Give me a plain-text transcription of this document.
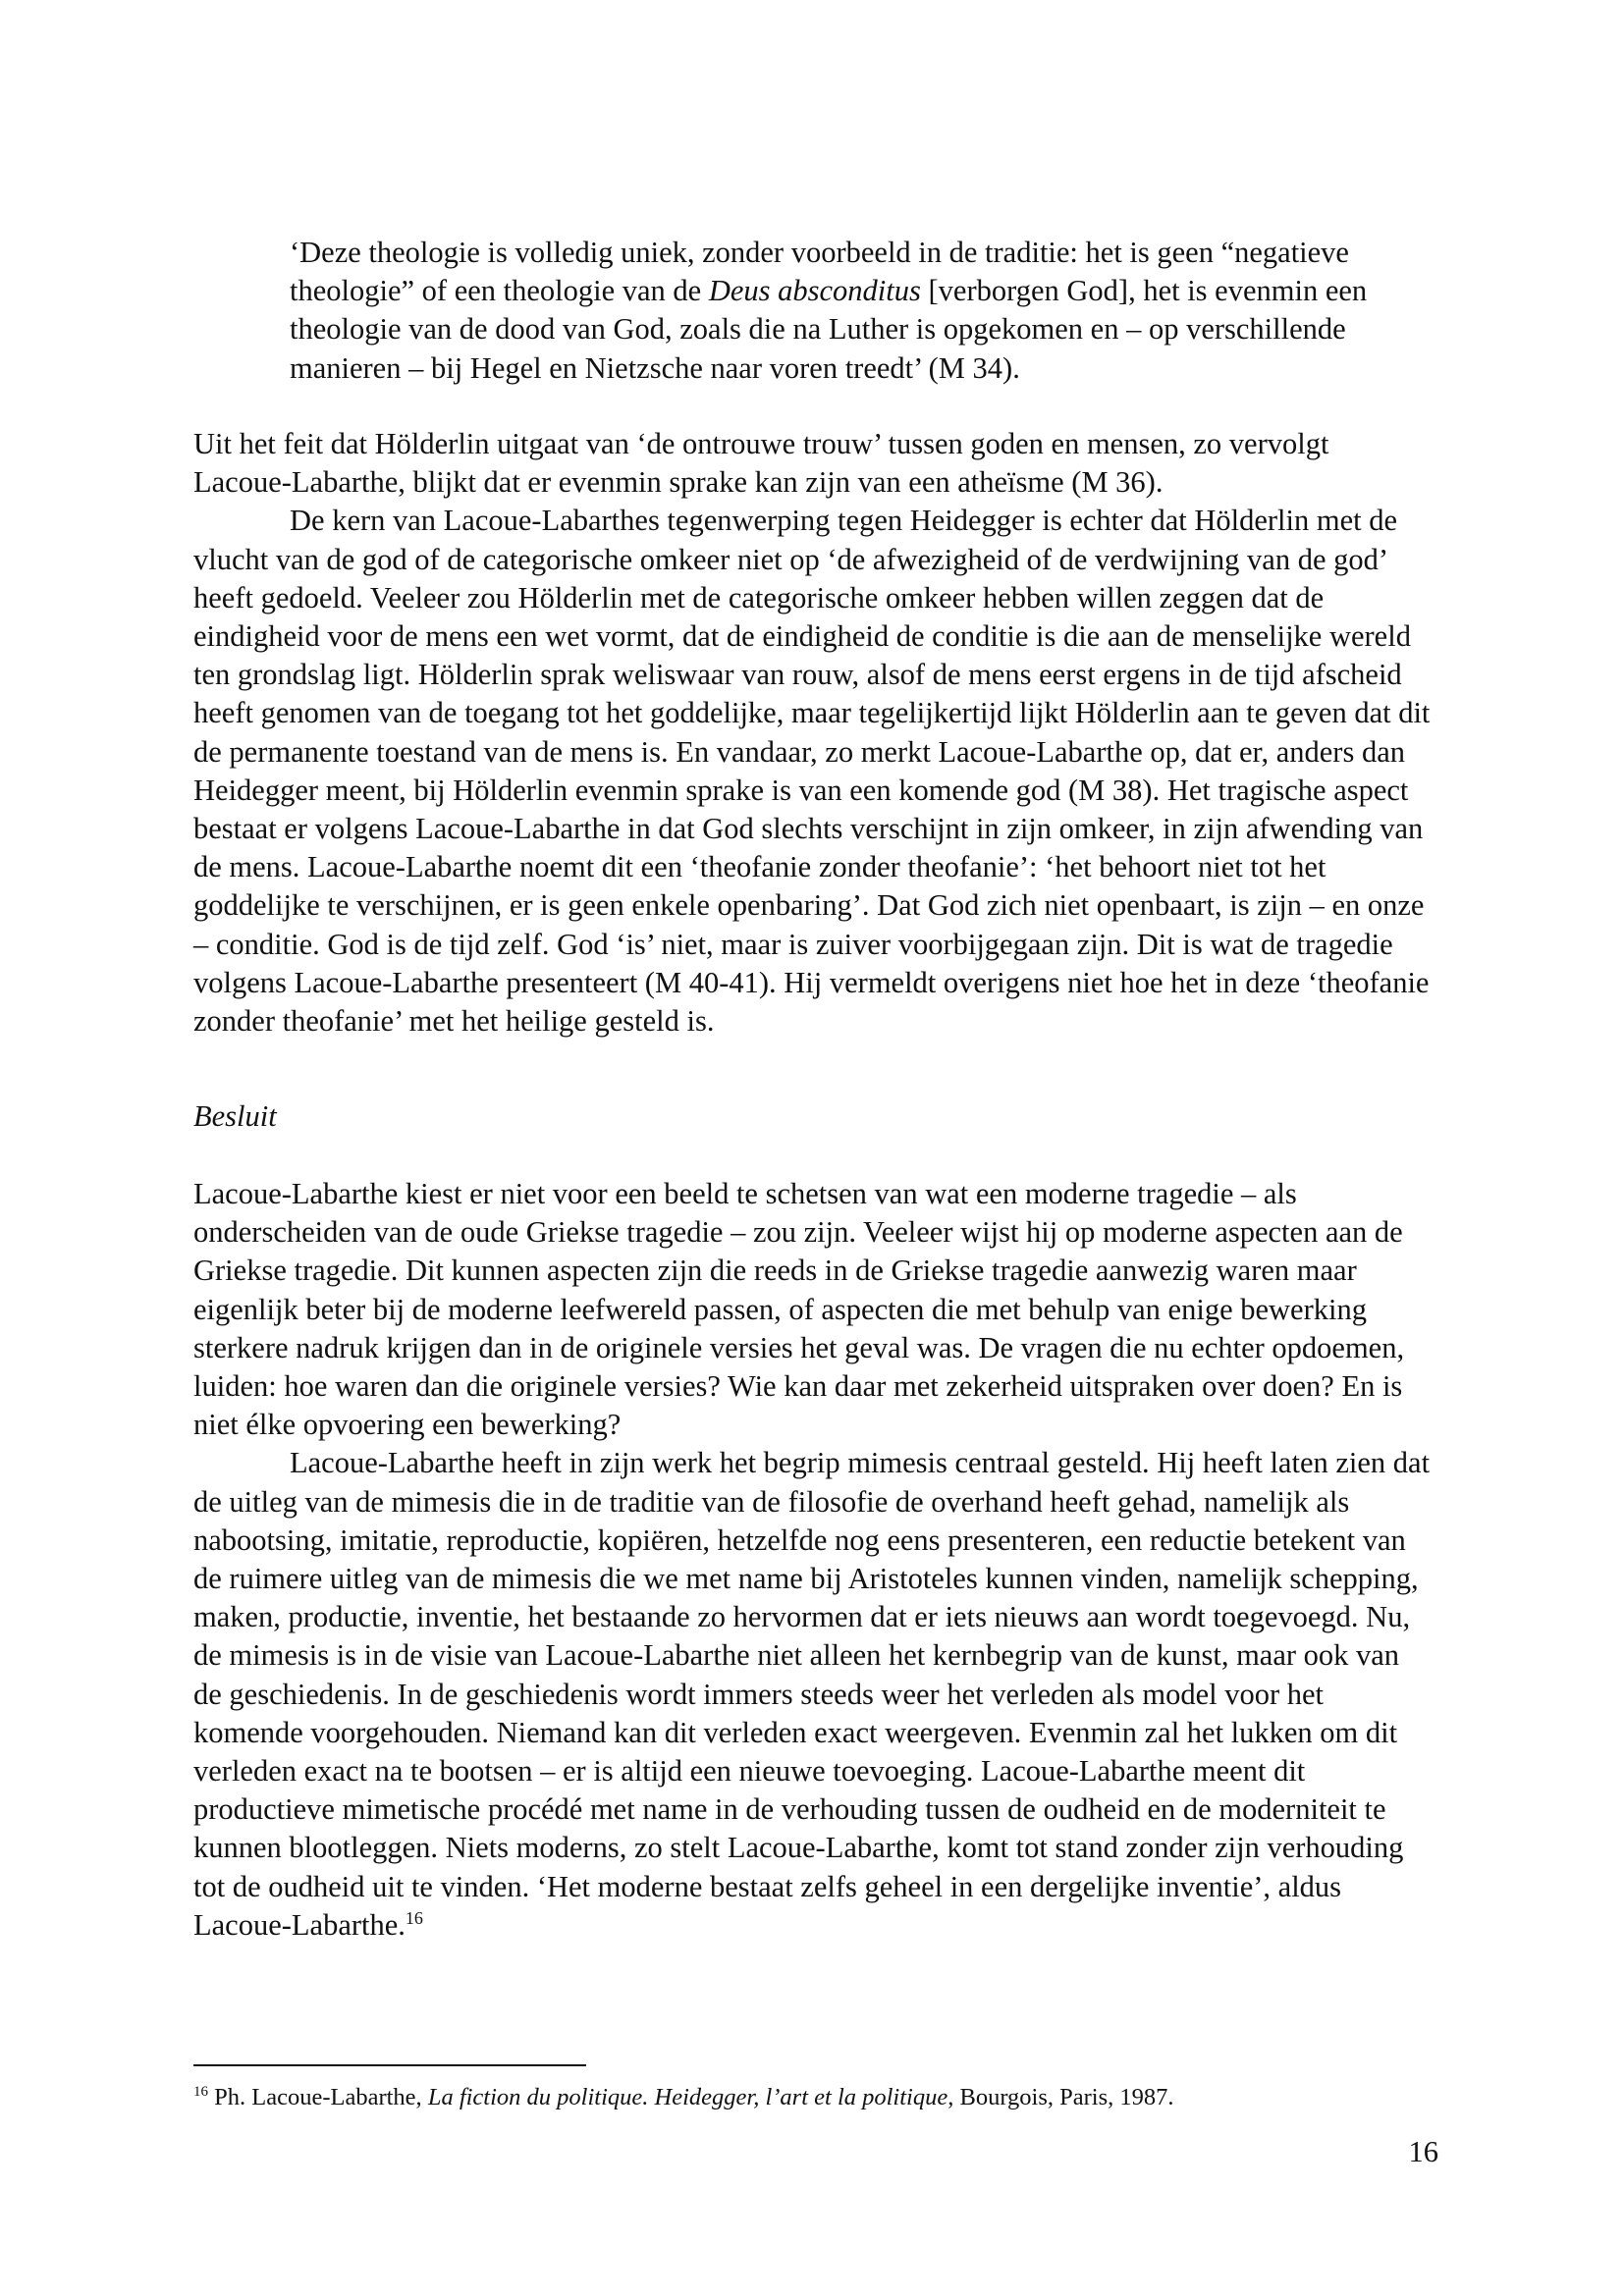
‘Deze theologie is volledig uniek, zonder voorbeeld in de traditie: het is geen “negatieve theologie” of een theologie van de Deus absconditus [verborgen God], het is evenmin een theologie van de dood van God, zoals die na Luther is opgekomen en – op verschillende manieren – bij Hegel en Nietzsche naar voren treedt’ (M 34).

Uit het feit dat Hölderlin uitgaat van ‘de ontrouwe trouw’ tussen goden en mensen, zo vervolgt Lacoue-Labarthe, blijkt dat er evenmin sprake kan zijn van een atheïsme (M 36).

De kern van Lacoue-Labarthes tegenwerping tegen Heidegger is echter dat Hölderlin met de vlucht van de god of de categorische omkeer niet op ‘de afwezigheid of de verdwijning van de god’ heeft gedoeld. Veeleer zou Hölderlin met de categorische omkeer hebben willen zeggen dat de eindigheid voor de mens een wet vormt, dat de eindigheid de conditie is die aan de menselijke wereld ten grondslag ligt. Hölderlin sprak weliswaar van rouw, alsof de mens eerst ergens in de tijd afscheid heeft genomen van de toegang tot het goddelijke, maar tegelijkertijd lijkt Hölderlin aan te geven dat dit de permanente toestand van de mens is. En vandaar, zo merkt Lacoue-Labarthe op, dat er, anders dan Heidegger meent, bij Hölderlin evenmin sprake is van een komende god (M 38). Het tragische aspect bestaat er volgens Lacoue-Labarthe in dat God slechts verschijnt in zijn omkeer, in zijn afwending van de mens. Lacoue-Labarthe noemt dit een ‘theofanie zonder theofanie’: ‘het behoort niet tot het goddelijke te verschijnen, er is geen enkele openbaring’. Dat God zich niet openbaart, is zijn – en onze – conditie. God is de tijd zelf. God ‘is’ niet, maar is zuiver voorbijgegaan zijn. Dit is wat de tragedie volgens Lacoue-Labarthe presenteert (M 40-41). Hij vermeldt overigens niet hoe het in deze ‘theofanie zonder theofanie’ met het heilige gesteld is.

Besluit

Lacoue-Labarthe kiest er niet voor een beeld te schetsen van wat een moderne tragedie – als onderscheiden van de oude Griekse tragedie – zou zijn. Veeleer wijst hij op moderne aspecten aan de Griekse tragedie. Dit kunnen aspecten zijn die reeds in de Griekse tragedie aanwezig waren maar eigenlijk beter bij de moderne leefwereld passen, of aspecten die met behulp van enige bewerking sterkere nadruk krijgen dan in de originele versies het geval was. De vragen die nu echter opdoemen, luiden: hoe waren dan die originele versies? Wie kan daar met zekerheid uitspraken over doen? En is niet élke opvoering een bewerking?

Lacoue-Labarthe heeft in zijn werk het begrip mimesis centraal gesteld. Hij heeft laten zien dat de uitleg van de mimesis die in de traditie van de filosofie de overhand heeft gehad, namelijk als nabootsing, imitatie, reproductie, kopiëren, hetzelfde nog eens presenteren, een reductie betekent van de ruimere uitleg van de mimesis die we met name bij Aristoteles kunnen vinden, namelijk schepping, maken, productie, inventie, het bestaande zo hervormen dat er iets nieuws aan wordt toegevoegd. Nu, de mimesis is in de visie van Lacoue-Labarthe niet alleen het kernbegrip van de kunst, maar ook van de geschiedenis. In de geschiedenis wordt immers steeds weer het verleden als model voor het komende voorgehouden. Niemand kan dit verleden exact weergeven. Evenmin zal het lukken om dit verleden exact na te bootsen – er is altijd een nieuwe toevoeging. Lacoue-Labarthe meent dit productieve mimetische procédé met name in de verhouding tussen de oudheid en de moderniteit te kunnen blootleggen. Niets moderns, zo stelt Lacoue-Labarthe, komt tot stand zonder zijn verhouding tot de oudheid uit te vinden. ‘Het moderne bestaat zelfs geheel in een dergelijke inventie’, aldus Lacoue-Labarthe.$^{16}$

$^{16}$ Ph. Lacoue-Labarthe, La fiction du politique. Heidegger, l’art et la politique, Bourgois, Paris, 1987.
16
